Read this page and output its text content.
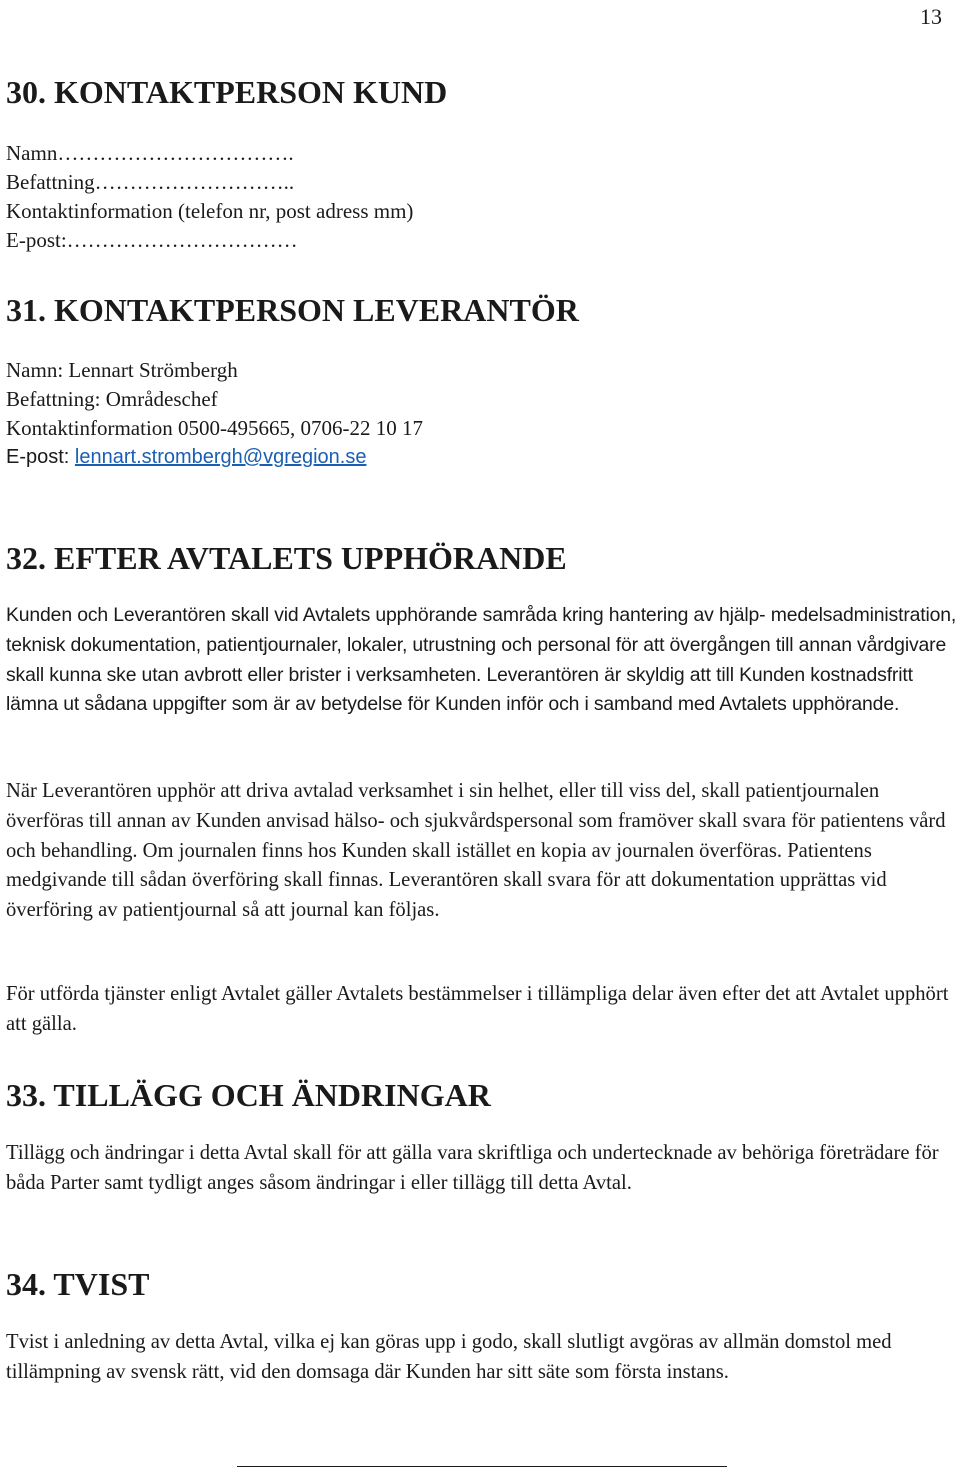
13
30. KONTAKTPERSON KUND
Namn…………………………….
Befattning………………………..
Kontaktinformation (telefon nr, post adress mm)
E-post:……………………………
31. KONTAKTPERSON LEVERANTÖR
Namn: Lennart Strömbergh
Befattning: Områdeschef
Kontaktinformation 0500-495665, 0706-22 10 17
E-post: lennart.strombergh@vgregion.se
32. EFTER AVTALETS UPPHÖRANDE

Kunden och Leverantören skall vid Avtalets upphörande samråda kring hantering av hjälp- medelsadministration, teknisk dokumentation, patientjournaler, lokaler, utrustning och personal för att övergången till annan vårdgivare skall kunna ske utan avbrott eller brister i verksamheten. Leverantören är skyldig att till Kunden kostnadsfritt lämna ut sådana uppgifter som är av betydelse för Kunden inför och i samband med Avtalets upphörande.

När Leverantören upphör att driva avtalad verksamhet i sin helhet, eller till viss del, skall patientjournalen överföras till annan av Kunden anvisad hälso- och sjukvårdspersonal som framöver skall svara för patientens vård och behandling. Om journalen finns hos Kunden skall istället en kopia av journalen överföras. Patientens medgivande till sådan överföring skall finnas. Leverantören skall svara för att dokumentation upprättas vid överföring av patientjournal så att journal kan följas.

För utförda tjänster enligt Avtalet gäller Avtalets bestämmelser i tillämpliga delar även efter det att Avtalet upphört att gälla.

33. TILLÄGG OCH ÄNDRINGAR

Tillägg och ändringar i detta Avtal skall för att gälla vara skriftliga och undertecknade av behöriga företrädare för båda Parter samt tydligt anges såsom ändringar i eller tillägg till detta Avtal.

34. TVIST

Tvist i anledning av detta Avtal, vilka ej kan göras upp i godo, skall slutligt avgöras av allmän domstol med tillämpning av svensk rätt, vid den domsaga där Kunden har sitt säte som första instans.
